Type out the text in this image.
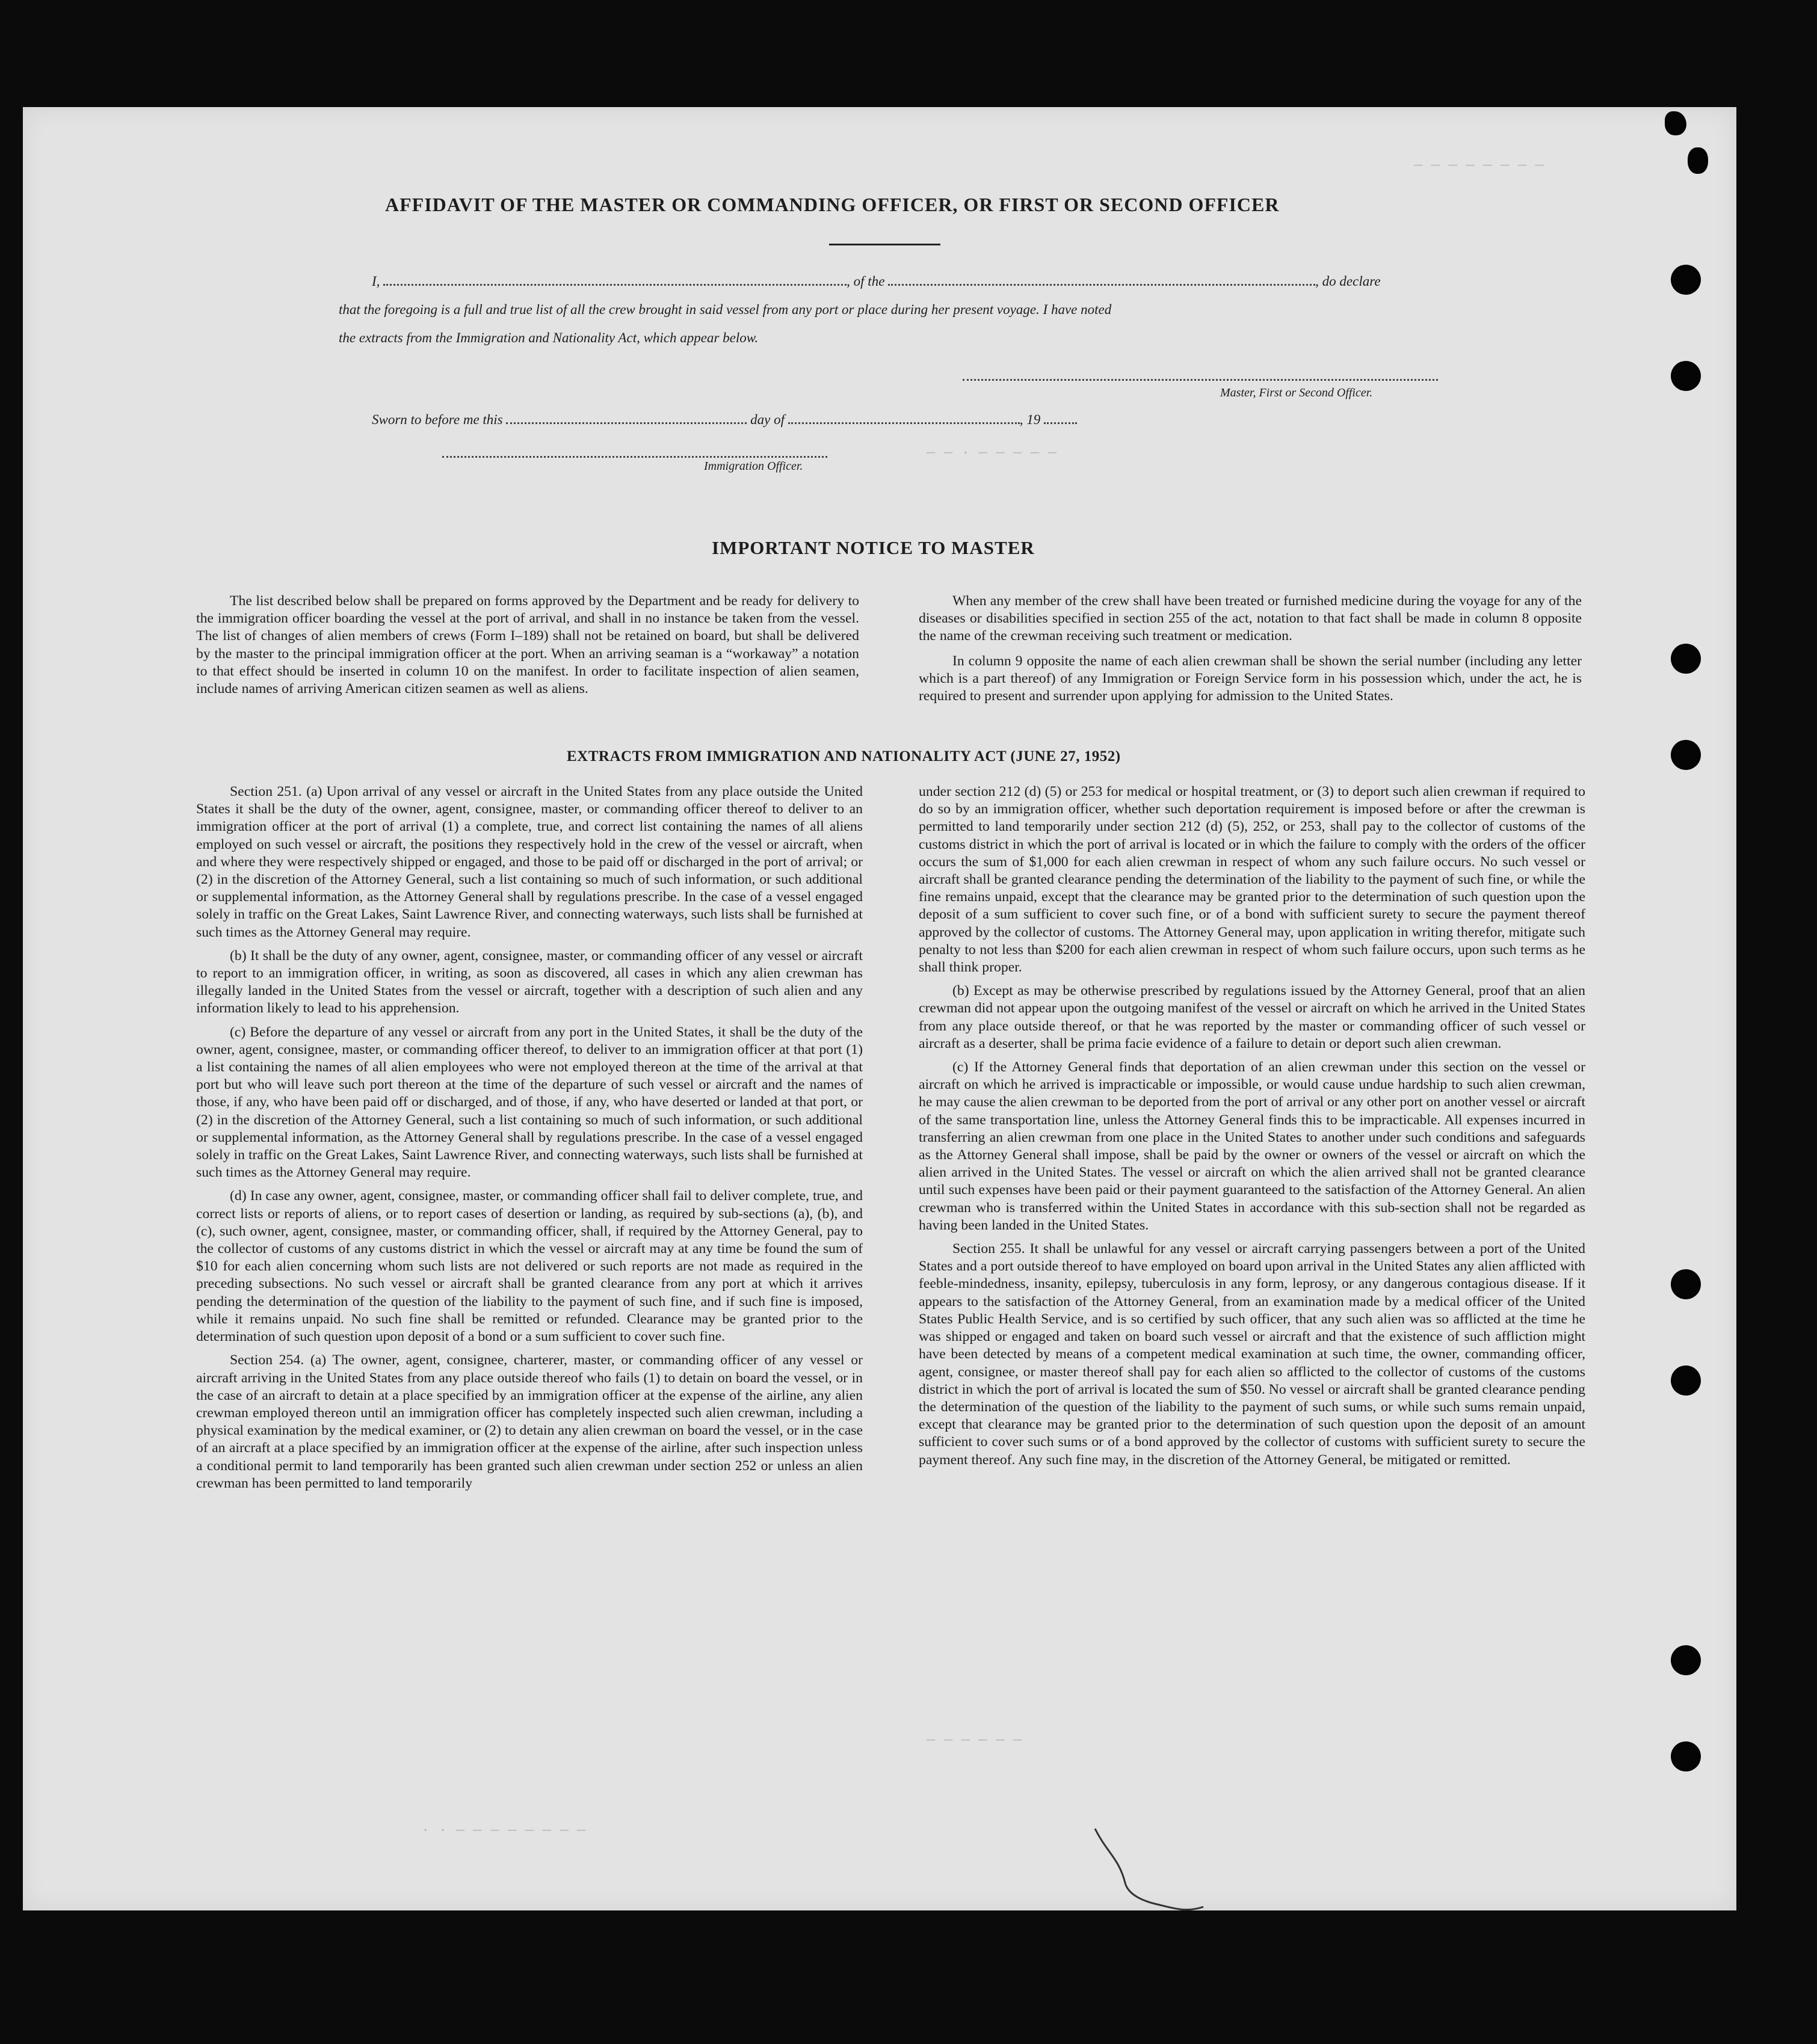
— — — — — — — —
— — · — — — — —
— — — — — —
· · — — — — — — — —
AFFIDAVIT OF THE MASTER OR COMMANDING OFFICER, OR FIRST OR SECOND OFFICER
I,	, of the	, do declare
that the foregoing is a full and true list of all the crew brought in said vessel from any port or place during her present voyage. I have noted
the extracts from the Immigration and Nationality Act, which appear below.
Master, First or Second Officer.
Sworn to before me this	day of	, 19
Immigration Officer.
IMPORTANT NOTICE TO MASTER

The list described below shall be prepared on forms approved by the Department and be ready for delivery to the immigration officer boarding the vessel at the port of arrival, and shall in no instance be taken from the vessel. The list of changes of alien members of crews (Form I–189) shall not be retained on board, but shall be delivered by the master to the principal immigration officer at the port. When an arriving seaman is a “workaway” a notation to that effect should be inserted in column 10 on the manifest. In order to facilitate inspection of alien seamen, include names of arriving American citizen seamen as well as aliens.

When any member of the crew shall have been treated or furnished medicine during the voyage for any of the diseases or disabilities specified in section 255 of the act, notation to that fact shall be made in column 8 opposite the name of the crewman receiving such treatment or medication.

In column 9 opposite the name of each alien crewman shall be shown the serial number (including any letter which is a part thereof) of any Immigration or Foreign Service form in his possession which, under the act, he is required to present and surrender upon applying for admission to the United States.

EXTRACTS FROM IMMIGRATION AND NATIONALITY ACT (JUNE 27, 1952)

Section 251. (a) Upon arrival of any vessel or aircraft in the United States from any place outside the United States it shall be the duty of the owner, agent, consignee, master, or commanding officer thereof to deliver to an immigration officer at the port of arrival (1) a complete, true, and correct list containing the names of all aliens employed on such vessel or aircraft, the positions they respectively hold in the crew of the vessel or aircraft, when and where they were respectively shipped or engaged, and those to be paid off or discharged in the port of arrival; or (2) in the discretion of the Attorney General, such a list containing so much of such information, or such additional or supplemental information, as the Attorney General shall by regulations prescribe. In the case of a vessel engaged solely in traffic on the Great Lakes, Saint Lawrence River, and connecting waterways, such lists shall be furnished at such times as the Attorney General may require.

(b) It shall be the duty of any owner, agent, consignee, master, or commanding officer of any vessel or aircraft to report to an immigration officer, in writing, as soon as discovered, all cases in which any alien crewman has illegally landed in the United States from the vessel or aircraft, together with a description of such alien and any information likely to lead to his apprehension.

(c) Before the departure of any vessel or aircraft from any port in the United States, it shall be the duty of the owner, agent, consignee, master, or commanding officer thereof, to deliver to an immigration officer at that port (1) a list containing the names of all alien employees who were not employed thereon at the time of the arrival at that port but who will leave such port thereon at the time of the departure of such vessel or aircraft and the names of those, if any, who have been paid off or discharged, and of those, if any, who have deserted or landed at that port, or (2) in the discretion of the Attorney General, such a list containing so much of such information, or such additional or supplemental information, as the Attorney General shall by regulations prescribe. In the case of a vessel engaged solely in traffic on the Great Lakes, Saint Lawrence River, and connecting waterways, such lists shall be furnished at such times as the Attorney General may require.

(d) In case any owner, agent, consignee, master, or commanding officer shall fail to deliver complete, true, and correct lists or reports of aliens, or to report cases of desertion or landing, as required by sub-sections (a), (b), and (c), such owner, agent, consignee, master, or commanding officer, shall, if required by the Attorney General, pay to the collector of customs of any customs district in which the vessel or aircraft may at any time be found the sum of $10 for each alien concerning whom such lists are not delivered or such reports are not made as required in the preceding subsections. No such vessel or aircraft shall be granted clearance from any port at which it arrives pending the determination of the question of the liability to the payment of such fine, and if such fine is imposed, while it remains unpaid. No such fine shall be remitted or refunded. Clearance may be granted prior to the determination of such question upon deposit of a bond or a sum sufficient to cover such fine.

Section 254. (a) The owner, agent, consignee, charterer, master, or commanding officer of any vessel or aircraft arriving in the United States from any place outside thereof who fails (1) to detain on board the vessel, or in the case of an aircraft to detain at a place specified by an immigration officer at the expense of the airline, any alien crewman employed thereon until an immigration officer has completely inspected such alien crewman, including a physical examination by the medical examiner, or (2) to detain any alien crewman on board the vessel, or in the case of an aircraft at a place specified by an immigration officer at the expense of the airline, after such inspection unless a conditional permit to land temporarily has been granted such alien crewman under section 252 or unless an alien crewman has been permitted to land temporarily

under section 212 (d) (5) or 253 for medical or hospital treatment, or (3) to deport such alien crewman if required to do so by an immigration officer, whether such deportation requirement is imposed before or after the crewman is permitted to land temporarily under section 212 (d) (5), 252, or 253, shall pay to the collector of customs of the customs district in which the port of arrival is located or in which the failure to comply with the orders of the officer occurs the sum of $1,000 for each alien crewman in respect of whom any such failure occurs. No such vessel or aircraft shall be granted clearance pending the determination of the liability to the payment of such fine, or while the fine remains unpaid, except that the clearance may be granted prior to the determination of such question upon the deposit of a sum sufficient to cover such fine, or of a bond with sufficient surety to secure the payment thereof approved by the collector of customs. The Attorney General may, upon application in writing therefor, mitigate such penalty to not less than $200 for each alien crewman in respect of whom such failure occurs, upon such terms as he shall think proper.

(b) Except as may be otherwise prescribed by regulations issued by the Attorney General, proof that an alien crewman did not appear upon the outgoing manifest of the vessel or aircraft on which he arrived in the United States from any place outside thereof, or that he was reported by the master or commanding officer of such vessel or aircraft as a deserter, shall be prima facie evidence of a failure to detain or deport such alien crewman.

(c) If the Attorney General finds that deportation of an alien crewman under this section on the vessel or aircraft on which he arrived is impracticable or impossible, or would cause undue hardship to such alien crewman, he may cause the alien crewman to be deported from the port of arrival or any other port on another vessel or aircraft of the same transportation line, unless the Attorney General finds this to be impracticable. All expenses incurred in transferring an alien crewman from one place in the United States to another under such conditions and safeguards as the Attorney General shall impose, shall be paid by the owner or owners of the vessel or aircraft on which the alien arrived in the United States. The vessel or aircraft on which the alien arrived shall not be granted clearance until such expenses have been paid or their payment guaranteed to the satisfaction of the Attorney General. An alien crewman who is transferred within the United States in accordance with this sub-section shall not be regarded as having been landed in the United States.

Section 255. It shall be unlawful for any vessel or aircraft carrying passengers between a port of the United States and a port outside thereof to have employed on board upon arrival in the United States any alien afflicted with feeble-mindedness, insanity, epilepsy, tuberculosis in any form, leprosy, or any dangerous contagious disease. If it appears to the satisfaction of the Attorney General, from an examination made by a medical officer of the United States Public Health Service, and is so certified by such officer, that any such alien was so afflicted at the time he was shipped or engaged and taken on board such vessel or aircraft and that the existence of such affliction might have been detected by means of a competent medical examination at such time, the owner, commanding officer, agent, consignee, or master thereof shall pay for each alien so afflicted to the collector of customs of the customs district in which the port of arrival is located the sum of $50. No vessel or aircraft shall be granted clearance pending the determination of the question of the liability to the payment of such sums, or while such sums remain unpaid, except that clearance may be granted prior to the determination of such question upon the deposit of an amount sufficient to cover such sums or of a bond approved by the collector of customs with sufficient surety to secure the payment thereof. Any such fine may, in the discretion of the Attorney General, be mitigated or remitted.
